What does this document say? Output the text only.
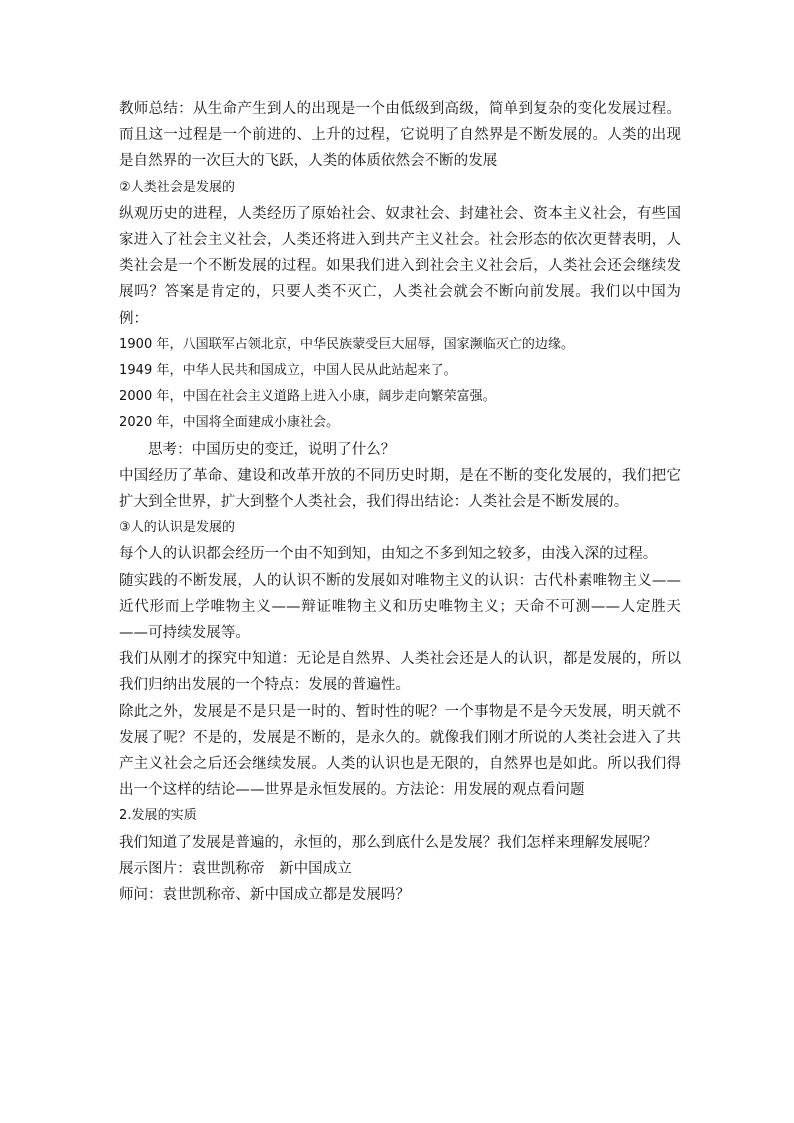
教师总结：从生命产生到人的出现是一个由低级到高级，简单到复杂的变化发展过程。而且这一过程是一个前进的、上升的过程，它说明了自然界是不断发展的。人类的出现是自然界的一次巨大的飞跃，人类的体质依然会不断的发展

②人类社会是发展的

纵观历史的进程，人类经历了原始社会、奴隶社会、封建社会、资本主义社会，有些国家进入了社会主义社会，人类还将进入到共产主义社会。社会形态的依次更替表明，人类社会是一个不断发展的过程。如果我们进入到社会主义社会后，人类社会还会继续发展吗？答案是肯定的，只要人类不灭亡，人类社会就会不断向前发展。我们以中国为例：

1900 年，八国联军占领北京，中华民族蒙受巨大屈辱，国家濒临灭亡的边缘。

1949 年，中华人民共和国成立，中国人民从此站起来了。

2000 年，中国在社会主义道路上进入小康，阔步走向繁荣富强。

2020 年，中国将全面建成小康社会。

思考：中国历史的变迁，说明了什么？

中国经历了革命、建设和改革开放的不同历史时期，是在不断的变化发展的，我们把它扩大到全世界，扩大到整个人类社会，我们得出结论：人类社会是不断发展的。

③人的认识是发展的

每个人的认识都会经历一个由不知到知，由知之不多到知之较多，由浅入深的过程。

随实践的不断发展，人的认识不断的发展如对唯物主义的认识：古代朴素唯物主义——近代形而上学唯物主义——辩证唯物主义和历史唯物主义；天命不可测——人定胜天——可持续发展等。

我们从刚才的探究中知道：无论是自然界、人类社会还是人的认识，都是发展的，所以我们归纳出发展的一个特点：发展的普遍性。

除此之外，发展是不是只是一时的、暂时性的呢？一个事物是不是今天发展，明天就不发展了呢？不是的，发展是不断的，是永久的。就像我们刚才所说的人类社会进入了共产主义社会之后还会继续发展。人类的认识也是无限的，自然界也是如此。所以我们得出一个这样的结论——世界是永恒发展的。方法论：用发展的观点看问题

2.发展的实质

我们知道了发展是普遍的，永恒的，那么到底什么是发展？我们怎样来理解发展呢？

展示图片：袁世凯称帝　新中国成立

师问：袁世凯称帝、新中国成立都是发展吗？
